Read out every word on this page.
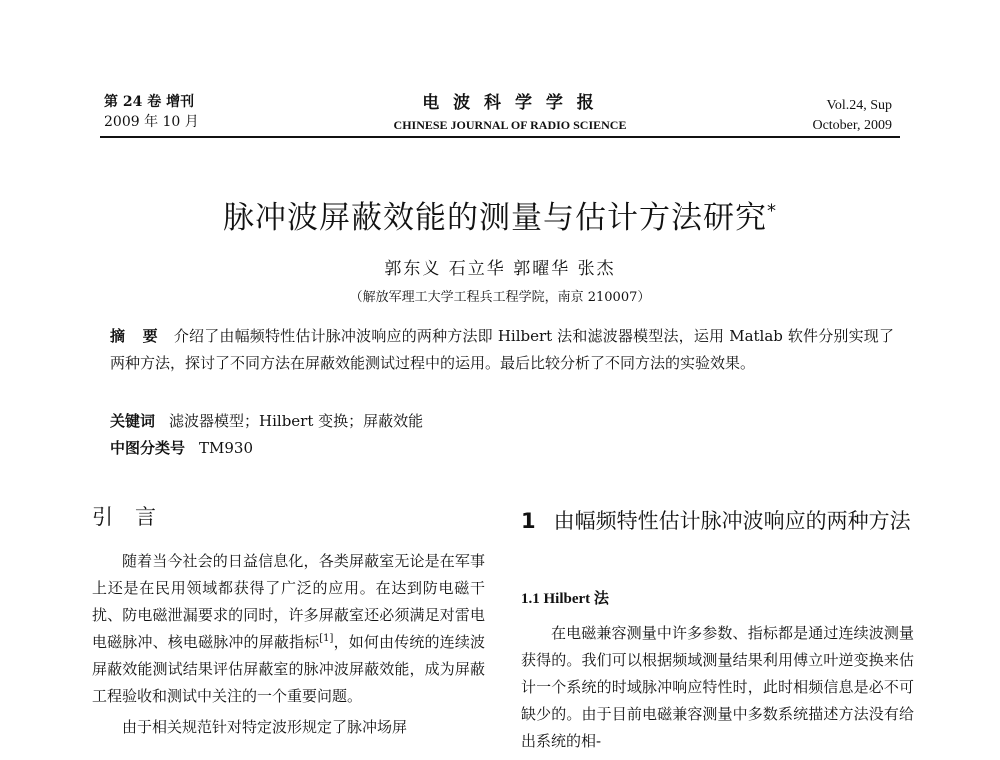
第 24 卷 增刊
2009 年 10 月
电 波 科 学 学 报
CHINESE JOURNAL OF RADIO SCIENCE
Vol.24, Sup
October, 2009
脉冲波屏蔽效能的测量与估计方法研究*
郭东义 石立华 郭曜华 张杰
（解放军理工大学工程兵工程学院，南京 210007）
摘 要 介绍了由幅频特性估计脉冲波响应的两种方法即 Hilbert 法和滤波器模型法，运用 Matlab 软件分别实现了两种方法，探讨了不同方法在屏蔽效能测试过程中的运用。最后比较分析了不同方法的实验效果。
关键词 滤波器模型；Hilbert 变换；屏蔽效能
中图分类号 TM930
引言

随着当今社会的日益信息化，各类屏蔽室无论是在军事上还是在民用领域都获得了广泛的应用。在达到防电磁干扰、防电磁泄漏要求的同时，许多屏蔽室还必须满足对雷电电磁脉冲、核电磁脉冲的屏蔽指标[1]，如何由传统的连续波屏蔽效能测试结果评估屏蔽室的脉冲波屏蔽效能，成为屏蔽工程验收和测试中关注的一个重要问题。

由于相关规范针对特定波形规定了脉冲场屏

1 由幅频特性估计脉冲波响应的两种方法
1.1 Hilbert 法

在电磁兼容测量中许多参数、指标都是通过连续波测量获得的。我们可以根据频域测量结果利用傅立叶逆变换来估计一个系统的时域脉冲响应特性时，此时相频信息是必不可缺少的。由于目前电磁兼容测量中多数系统描述方法没有给出系统的相-
